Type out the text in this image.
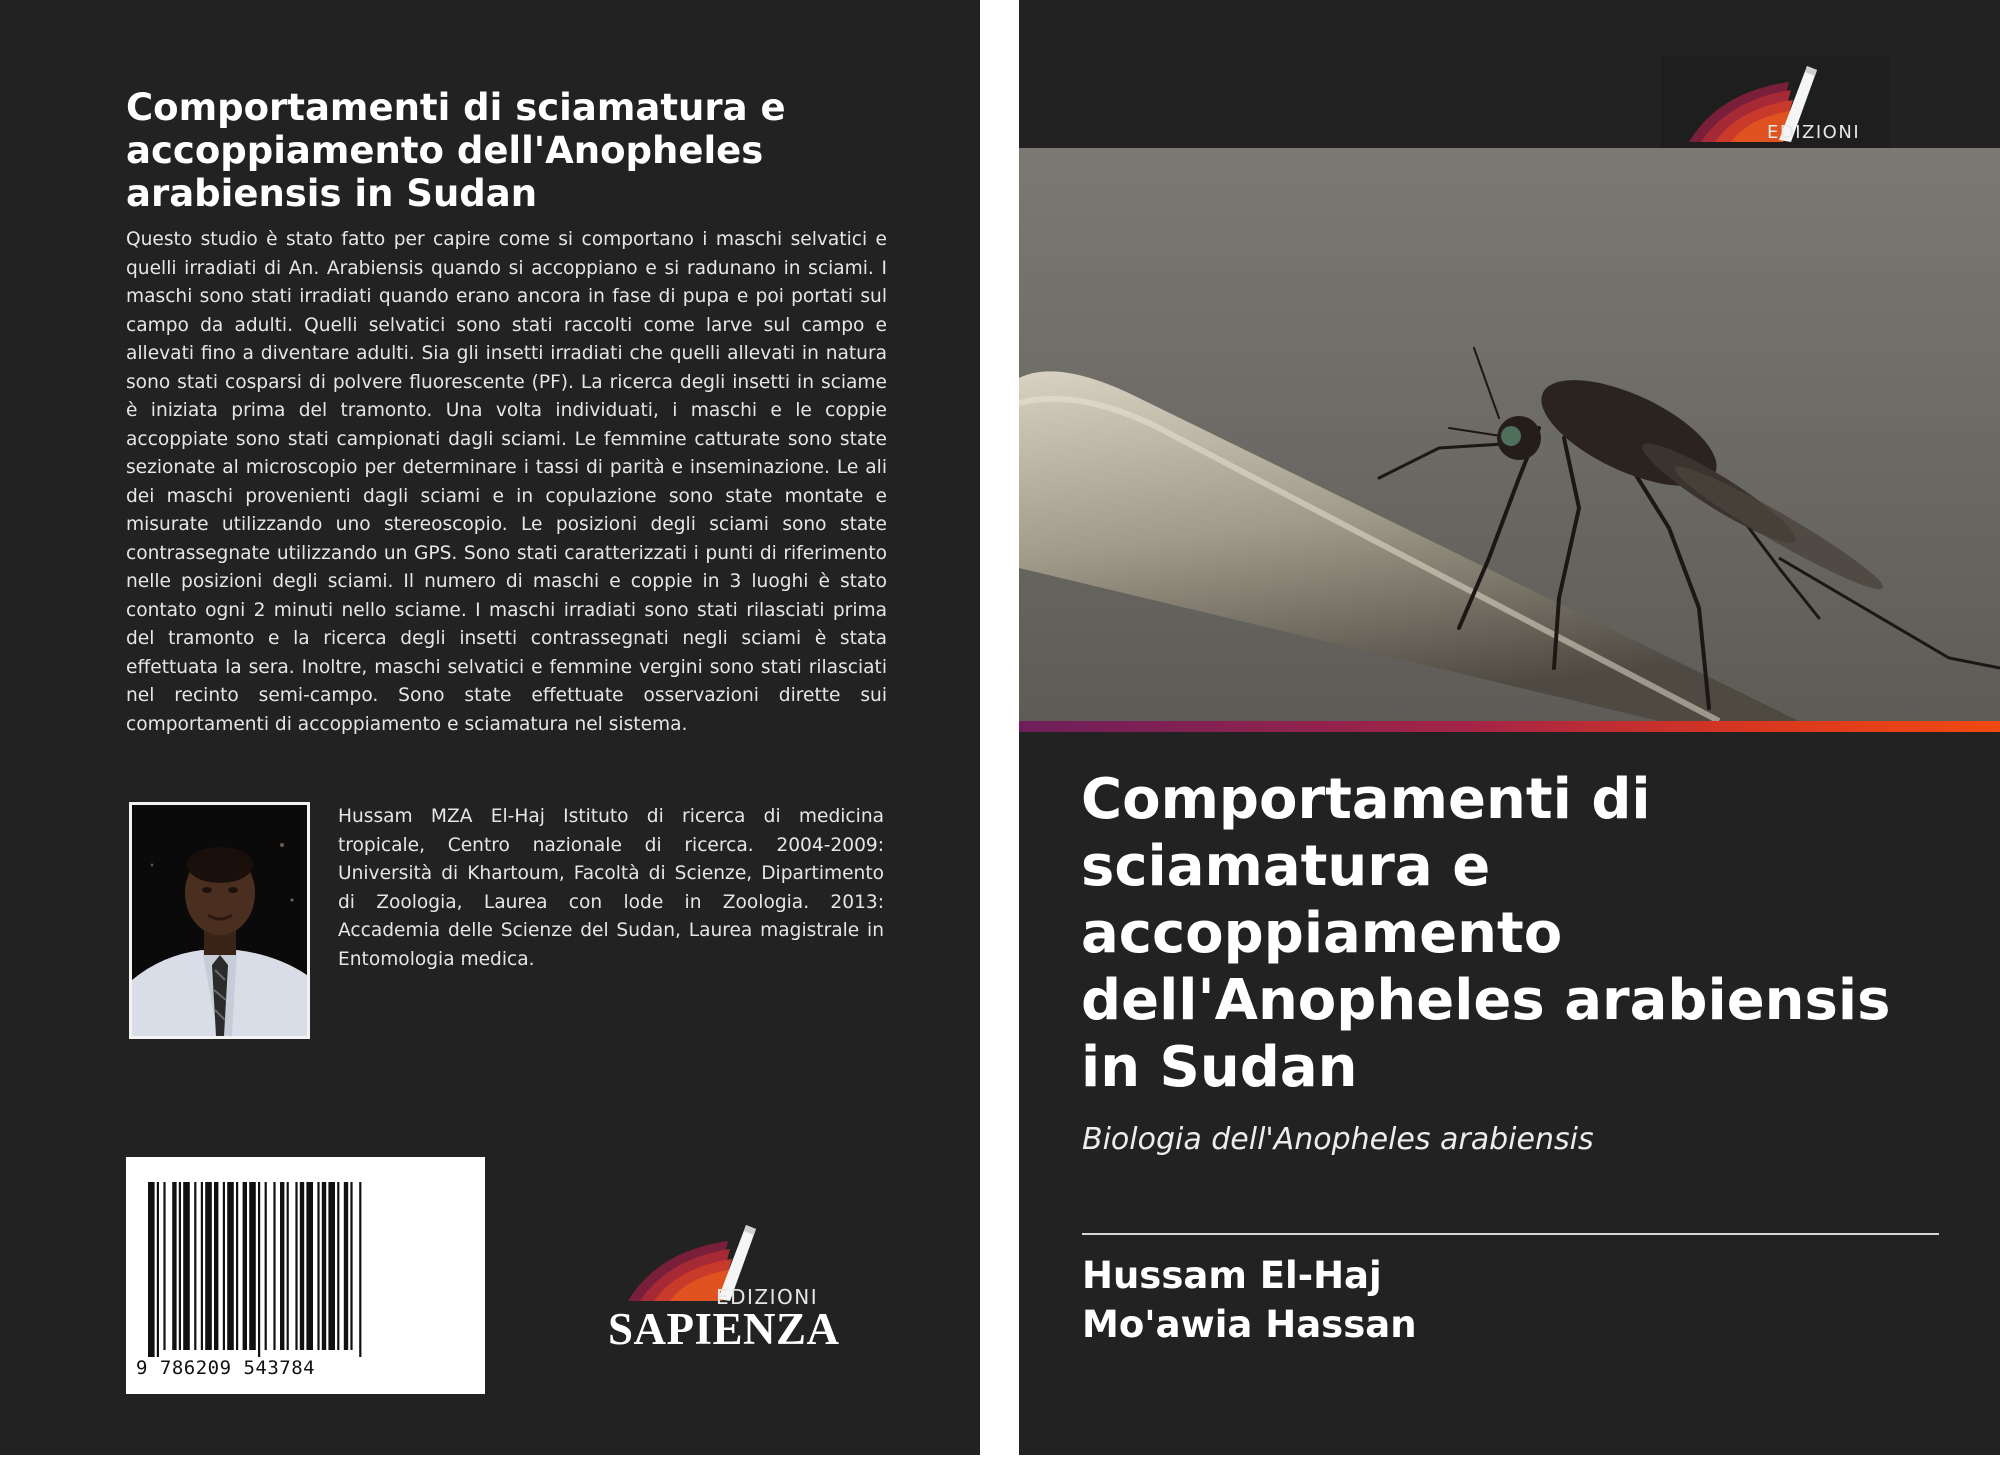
Comportamenti di sciamatura e accoppiamento dell'Anopheles arabiensis in Sudan

Questo studio è stato fatto per capire come si comportano i maschi selvatici e quelli irradiati di An. Arabiensis quando si accoppiano e si radunano in sciami. I maschi sono stati irradiati quando erano ancora in fase di pupa e poi portati sul campo da adulti. Quelli selvatici sono stati raccolti come larve sul campo e allevati fino a diventare adulti. Sia gli insetti irradiati che quelli allevati in natura sono stati cosparsi di polvere fluorescente (PF). La ricerca degli insetti in sciame è iniziata prima del tramonto. Una volta individuati, i maschi e le coppie accoppiate sono stati campionati dagli sciami. Le femmine catturate sono state sezionate al microscopio per determinare i tassi di parità e inseminazione. Le ali dei maschi provenienti dagli sciami e in copulazione sono state montate e misurate utilizzando uno stereoscopio. Le posizioni degli sciami sono state contrassegnate utilizzando un GPS. Sono stati caratterizzati i punti di riferimento nelle posizioni degli sciami. Il numero di maschi e coppie in 3 luoghi è stato contato ogni 2 minuti nello sciame. I maschi irradiati sono stati rilasciati prima del tramonto e la ricerca degli insetti contrassegnati negli sciami è stata effettuata la sera. Inoltre, maschi selvatici e femmine vergini sono stati rilasciati nel recinto semi-campo. Sono state effettuate osservazioni dirette sui comportamenti di accoppiamento e sciamatura nel sistema.

Hussam MZA El-Haj Istituto di ricerca di medicina tropicale, Centro nazionale di ricerca. 2004-2009: Università di Khartoum, Facoltà di Scienze, Dipartimento di Zoologia, Laurea con lode in Zoologia. 2013: Accademia delle Scienze del Sudan, Laurea magistrale in Entomologia medica.

9 786209 543784
EDIZIONI
SAPIENZA
EDIZIONI
Comportamenti di sciamatura e accoppiamento dell'Anopheles arabiensis in Sudan

Biologia dell'Anopheles arabiensis

Hussam El-Haj

Mo'awia Hassan
